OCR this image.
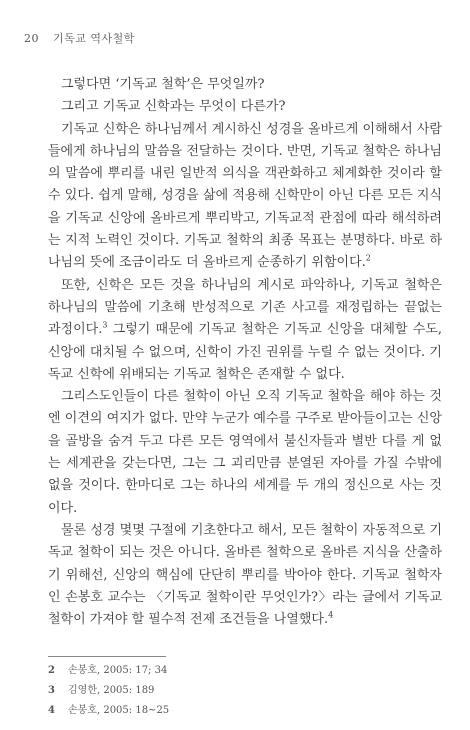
20 기독교 역사철학

그렇다면 ‘기독교 철학’은 무엇일까?

그리고 기독교 신학과는 무엇이 다른가?

기독교 신학은 하나님께서 계시하신 성경을 올바르게 이해해서 사람들에게 하나님의 말씀을 전달하는 것이다. 반면, 기독교 철학은 하나님의 말씀에 뿌리를 내린 일반적 의식을 객관화하고 체계화한 것이라 할 수 있다. 쉽게 말해, 성경을 삶에 적용해 신학만이 아닌 다른 모든 지식을 기독교 신앙에 올바르게 뿌리박고, 기독교적 관점에 따라 해석하려는 지적 노력인 것이다. 기독교 철학의 최종 목표는 분명하다. 바로 하나님의 뜻에 조금이라도 더 올바르게 순종하기 위함이다.$^2$

또한, 신학은 모든 것을 하나님의 계시로 파악하나, 기독교 철학은 하나님의 말씀에 기초해 반성적으로 기존 사고를 재정립하는 끝없는 과정이다.$^3$ 그렇기 때문에 기독교 철학은 기독교 신앙을 대체할 수도, 신앙에 대치될 수 없으며, 신학이 가진 권위를 누릴 수 없는 것이다. 기독교 신학에 위배되는 기독교 철학은 존재할 수 없다.

그리스도인들이 다른 철학이 아닌 오직 기독교 철학을 해야 하는 것엔 이견의 여지가 없다. 만약 누군가 예수를 구주로 받아들이고는 신앙을 골방을 숨겨 두고 다른 모든 영역에서 불신자들과 별반 다를 게 없는 세계관을 갖는다면, 그는 그 괴리만큼 분열된 자아를 가질 수밖에 없을 것이다. 한마디로 그는 하나의 세계를 두 개의 정신으로 사는 것이다.

물론 성경 몇몇 구절에 기초한다고 해서, 모든 철학이 자동적으로 기독교 철학이 되는 것은 아니다. 올바른 철학으로 올바른 지식을 산출하기 위해선, 신앙의 핵심에 단단히 뿌리를 박아야 한다. 기독교 철학자인 손봉호 교수는 〈기독교 철학이란 무엇인가?〉라는 글에서 기독교 철학이 가져야 할 필수적 전제 조건들을 나열했다.$^4$

2 손봉호, 2005: 17; 34
3 김영한, 2005: 189
4 손봉호, 2005: 18~25
